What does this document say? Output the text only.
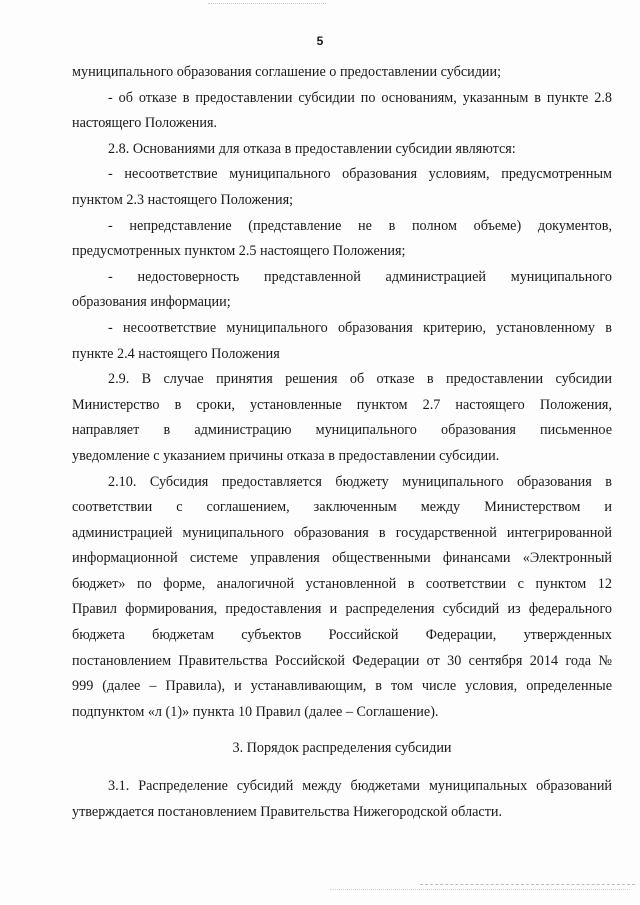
5
муниципального образования соглашение о предоставлении субсидии;
- об отказе в предоставлении субсидии по основаниям, указанным в пункте 2.8
настоящего Положения.
2.8. Основаниями для отказа в предоставлении субсидии являются:
- несоответствие муниципального образования условиям, предусмотренным
пунктом 2.3 настоящего Положения;
- непредставление (представление не в полном объеме) документов,
предусмотренных пунктом 2.5 настоящего Положения;
- недостоверность представленной администрацией муниципального
образования информации;
- несоответствие муниципального образования критерию, установленному в
пункте 2.4 настоящего Положения
2.9. В случае принятия решения об отказе в предоставлении субсидии
Министерство в сроки, установленные пунктом 2.7 настоящего Положения,
направляет в администрацию муниципального образования письменное
уведомление с указанием причины отказа в предоставлении субсидии.
2.10. Субсидия предоставляется бюджету муниципального образования в
соответствии с соглашением, заключенным между Министерством и
администрацией муниципального образования в государственной интегрированной
информационной системе управления общественными финансами «Электронный
бюджет» по форме, аналогичной установленной в соответствии с пунктом 12
Правил формирования, предоставления и распределения субсидий из федерального
бюджета бюджетам субъектов Российской Федерации, утвержденных
постановлением Правительства Российской Федерации от 30 сентября 2014 года №
999 (далее – Правила), и устанавливающим, в том числе условия, определенные
подпунктом «л (1)» пункта 10 Правил (далее – Соглашение).
3. Порядок распределения субсидии
3.1. Распределение субсидий между бюджетами муниципальных образований
утверждается постановлением Правительства Нижегородской области.
